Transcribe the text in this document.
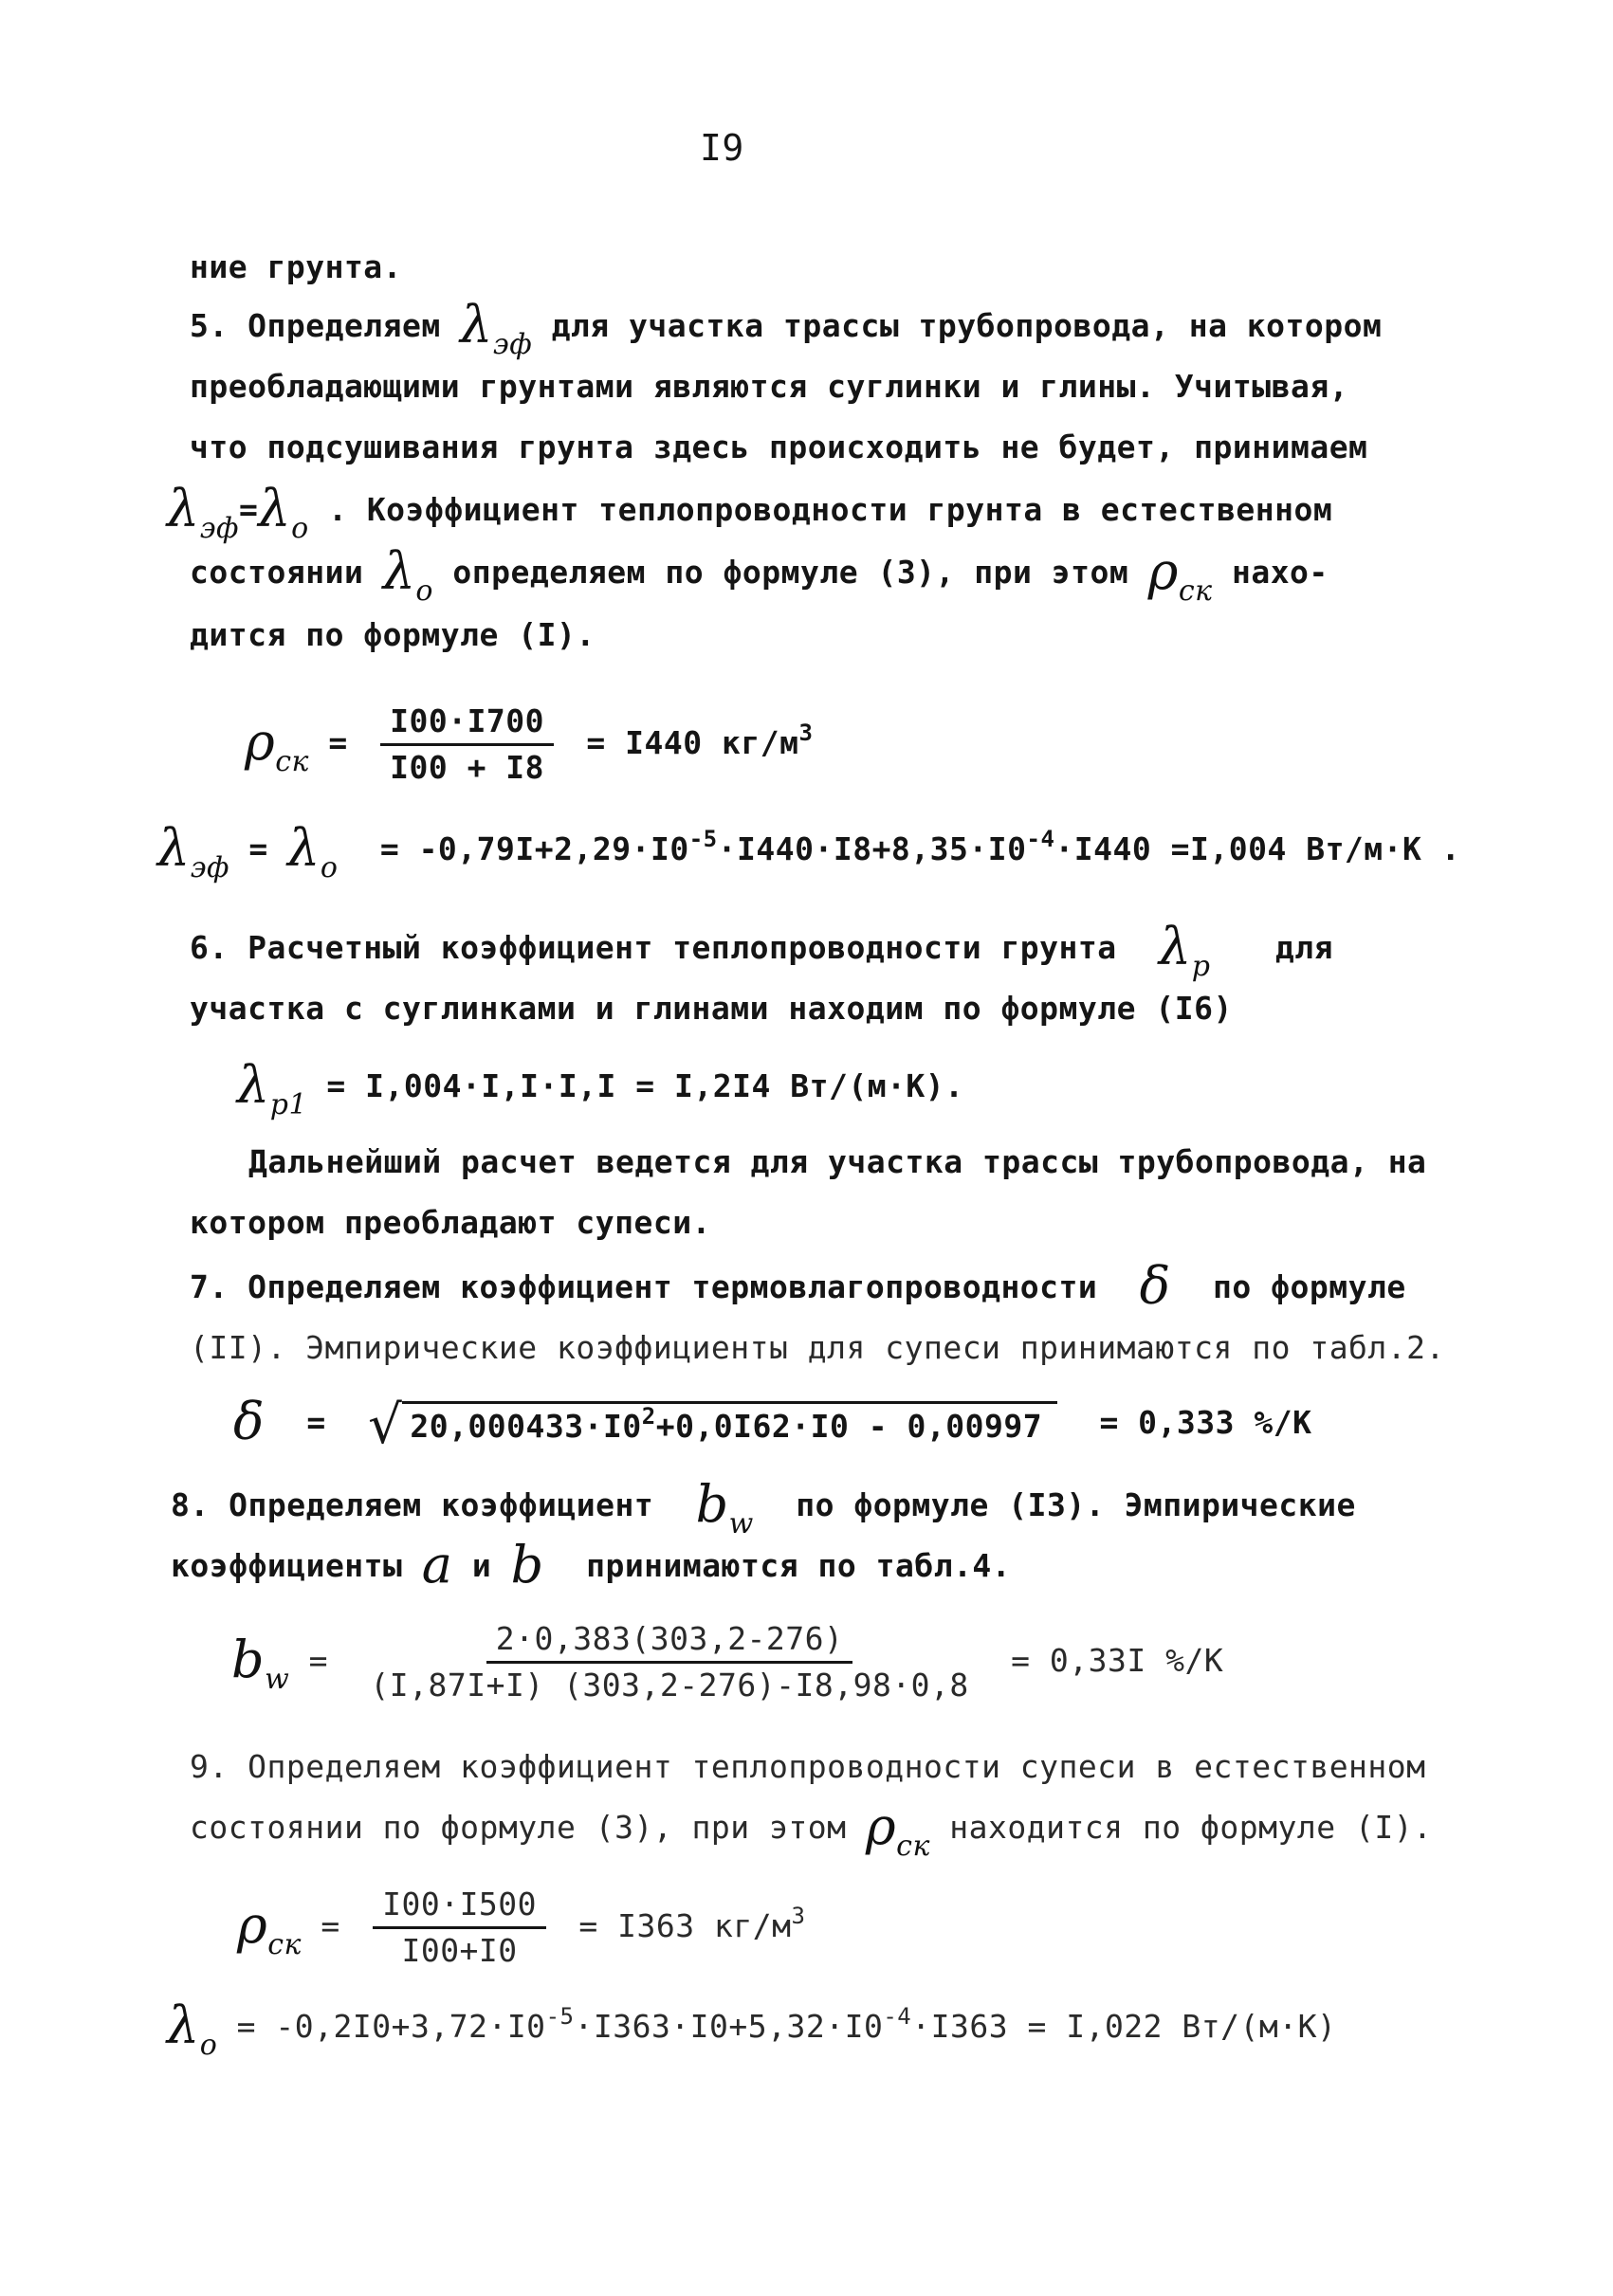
I9
ние грунта.
5. Определяем $\lambda_{эф}$ для участка трассы трубопровода, на котором
преобладающими грунтами являются суглинки и глины. Учитывая,
что подсушивания грунта здесь происходить не будет, принимаем
$\lambda_{эф}=\lambda_о$ . Коэффициент теплопроводности грунта в естественном
состоянии $\lambda_о$ определяем по формуле (3), при этом $\rho_{ск}$ нахо-
дится по формуле (I).
$\rho_{ск} = \frac{I00\cdot I700}{I00 + I8} = I440$ $кг/м^3$
$\lambda_{эф} = \lambda_о = -0,79I+2,29\cdot I0^{-5}\cdot I440\cdot I8+8,35\cdot I0^{-4}\cdot I440 =I,004$ Вт/м·К .
6. Расчетный коэффициент теплопроводности грунта $\lambda_р$ для
участка с суглинками и глинами находим по формуле (I6)
$\lambda_{р1} = I,004\cdot I,I\cdot I,I = I,2I4$ Вт/(м·К).
Дальнейший расчет ведется для участка трассы трубопровода, на
котором преобладают супеси.
7. Определяем коэффициент термовлагопроводности δ по формуле
(II). Эмпирические коэффициенты для супеси принимаются по табл.2.
δ = √ $20,000433\cdot I0^2+0,0I62\cdot I0 - 0,00997 = 0,333$ %/К
8. Определяем коэффициент $b_w$ по формуле (I3). Эмпирические
коэффициенты a и b принимаются по табл.4.
$b_w = \frac{2\cdot 0,383(303,2-276)}{(I,87I+I) (303,2-276)-I8,98\cdot 0,8} = 0,33I$ %/К
9. Определяем коэффициент теплопроводности супеси в естественном
состоянии по формуле (3), при этом $\rho_{ск}$ находится по формуле (I).
$\rho_{ск} = \frac{I00\cdot I500}{I00+I0} = I363$ $кг/м^3$
$\lambda_о = -0,2I0+3,72\cdot I0^{-5}\cdot I363\cdot I0+5,32\cdot I0^{-4}\cdot I363 = I,022$ Вт/(м·К)
